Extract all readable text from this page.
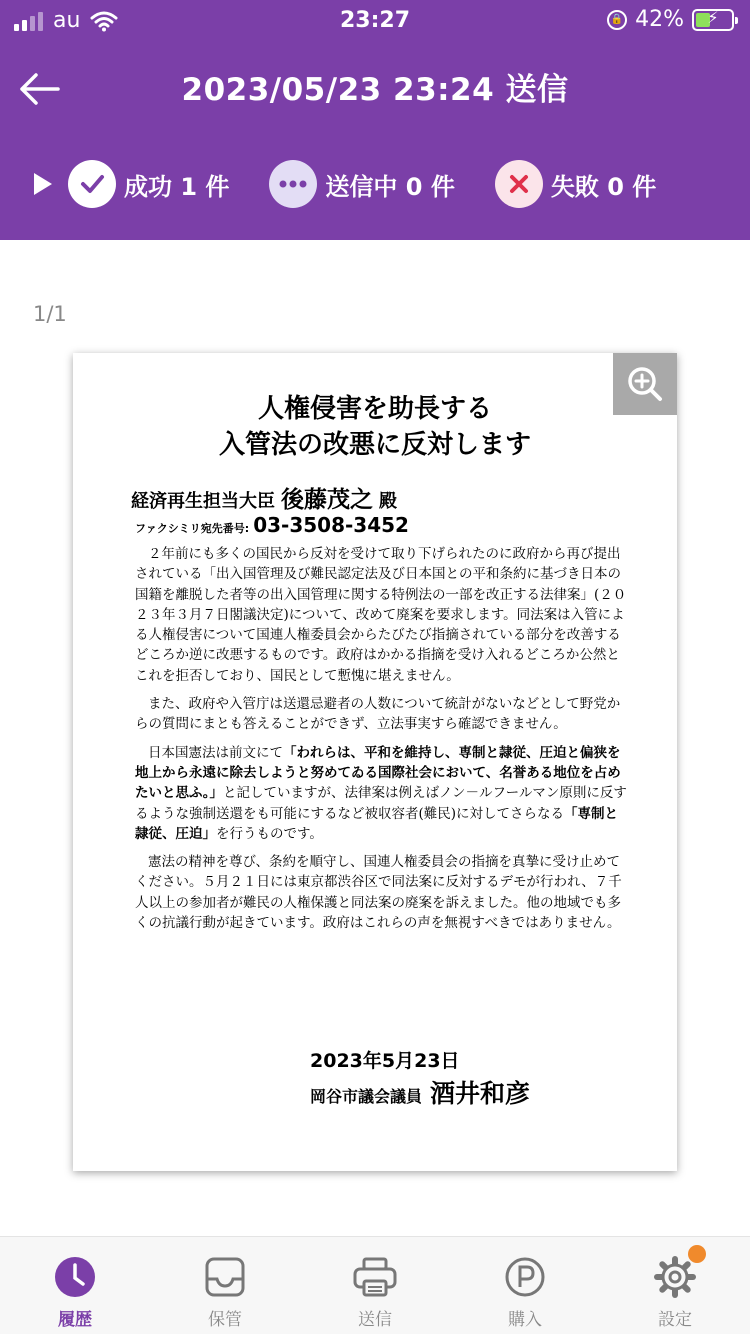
au	23:27	🔒 42%	⚡
2023/05/23 23:24 送信
成功 1 件	送信中 0 件	失敗 0 件
1/1
人権侵害を助長する
入管法の改悪に反対します
経済再生担当大臣 後藤茂之 殿
ファクシミリ宛先番号: 03-3508-3452

２年前にも多くの国民から反対を受けて取り下げられたのに政府から再び提出されている「出入国管理及び難民認定法及び日本国との平和条約に基づき日本の国籍を離脱した者等の出入国管理に関する特例法の一部を改正する法律案」(２０２３年３月７日閣議決定)について、改めて廃案を要求します。同法案は入管による人権侵害について国連人権委員会からたびたび指摘されている部分を改善するどころか逆に改悪するものです。政府はかかる指摘を受け入れるどころか公然とこれを拒否しており、国民として慙愧に堪えません。

また、政府や入管庁は送還忌避者の人数について統計がないなどとして野党からの質問にまとも答えることができず、立法事実すら確認できません。

日本国憲法は前文にて「われらは、平和を維持し、専制と隷従、圧迫と偏狭を地上から永遠に除去しようと努めてゐる国際社会において、名誉ある地位を占めたいと思ふ。」と記していますが、法律案は例えばノン－ルフールマン原則に反するような強制送還をも可能にするなど被収容者(難民)に対してさらなる「専制と隷従、圧迫」を行うものです。

憲法の精神を尊び、条約を順守し、国連人権委員会の指摘を真摯に受け止めてください。５月２１日には東京都渋谷区で同法案に反対するデモが行われ、７千人以上の参加者が難民の人権保護と同法案の廃案を訴えました。他の地域でも多くの抗議行動が起きています。政府はこれらの声を無視すべきではありません。

2023年5月23日
岡谷市議会議員 酒井和彦
履歴	保管	送信	購入	設定
